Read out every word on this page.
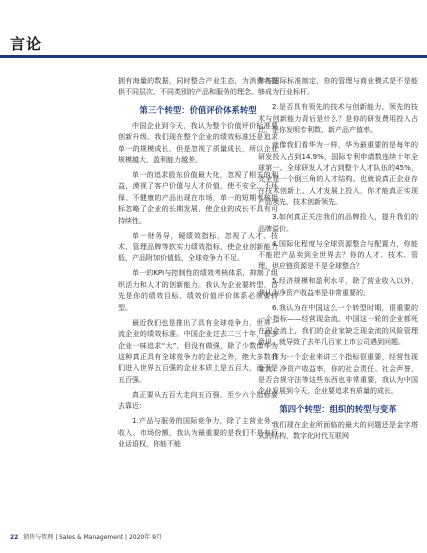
言论

拥有海量的数据，同时整合产业生态，为消费者提供不同层次、不同类别的产品和服务的理念。

第三个转型：价值评价体系转型

中国企业到今天，我认为整个价值评价标准要创新升级。我们现在整个企业的绩效标准还是追求单一的规模成长，但是忽视了质量成长，所以企业规模越大，盈利能力越差。

单一的追求股东价值最大化，忽视了相关的利益，漠视了客户价值与人才价值，使不安全、不环保、不健康的产品出现在市场，单一的短期考核指标忽略了企业的长期发展，使企业的成长不具有可持续性。

单一财务导，硬绩效指标，忽视了人才、技术、管理品牌等软实力绩效指标，使企业创新能力低，产品附加价值低，全球竞争力不足。

单一的KPI与控制性的绩效考核体系，抑制了组织活力和人才的创新能力。我认为企业要转型，首先是你的绩效目标、绩效价值评价体系必须要转型。

最近我们也是推出了具有全球竞争力，世界一流企业的绩效标准。中国企业过去二三十年，很多企业一味追求“大”，但没有做强，除了少数像华为这种真正具有全球竞争力的企业之外，绝大多数我们进入世界五百强的企业本质上是五百大，而不是五百强。

真正要从五百大走向五百强，至少六个指标要去靠近：

1.产品与服务的国际竞争力，除了主营业务、收入、市场份额，我认为最重要的是我们不是有行业话语权，你能不能

参与国际标准制定，你的管理与商业模式是不是能够成为行业标杆。

2.是否具有领先的技术与创新能力、领先的技术与创新能力背后是什么？是你的研发费用投入占比，是你发明专利数、新产品产值率。

就像我们看华为一样，华为最重要的是每年的研发投入占到14.9%，国际专利申请数连续十年全球第一。全球研发人才占到整个人才队伍的45%，完全是一个倒三角的人才结构。也就说真正企业存在技术创新上、人才发展上投入，你才能真正实现产品领先，技术创新领先。

3.如何真正关注我们的品牌投入，提升我们的品牌溢价。

4.国际化程度与全球资源整合与配置力，你能不能把产品卖到全世界去？你的人才、技术、管理、供应链资源是不是全球整合？

5.经济规模和盈利水平，除了营业收入以外，我认为净资产收益率是非常重要的。

6.我认为在中国这么一个转型时期，很重要的一个指标——经营现金流。中国这一轮的企业都死在现金流上，我们的企业家缺乏现金流的风险管理意识，就导致了去年几百家上市公司遇到问题。

作为一个企业来讲三个指标很重要，经营性现金流、净资产收益率，你的社会责任、社会声誉，是否合规守法等这些东西也非常重要，我认为中国企业发展到今天，企业要追求有质量的成长。

第四个转型：组织的转型与变革

我们现在企业所面临的最大的问题还是金字塔式的结构，数字化时代互联网

22 销售与管理 | Sales & Management | 2020年 9月
